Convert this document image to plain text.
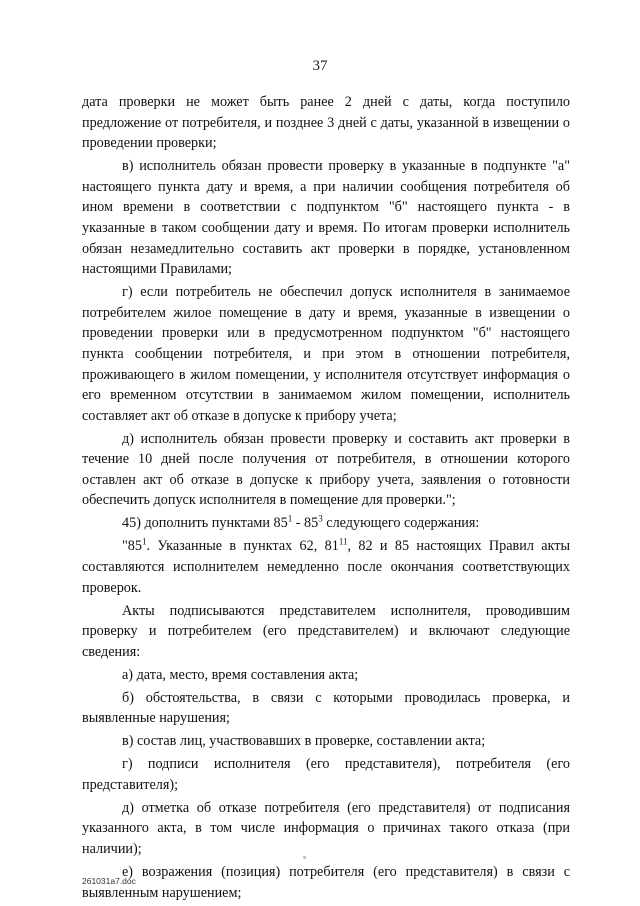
37

дата проверки не может быть ранее 2 дней с даты, когда поступило предложение от потребителя, и позднее 3 дней с даты, указанной в извещении о проведении проверки;

в) исполнитель обязан провести проверку в указанные в подпункте "а" настоящего пункта дату и время, а при наличии сообщения потребителя об ином времени в соответствии с подпунктом "б" настоящего пункта - в указанные в таком сообщении дату и время. По итогам проверки исполнитель обязан незамедлительно составить акт проверки в порядке, установленном настоящими Правилами;

г) если потребитель не обеспечил допуск исполнителя в занимаемое потребителем жилое помещение в дату и время, указанные в извещении о проведении проверки или в предусмотренном подпунктом "б" настоящего пункта сообщении потребителя, и при этом в отношении потребителя, проживающего в жилом помещении, у исполнителя отсутствует информация о его временном отсутствии в занимаемом жилом помещении, исполнитель составляет акт об отказе в допуске к прибору учета;

д) исполнитель обязан провести проверку и составить акт проверки в течение 10 дней после получения от потребителя, в отношении которого оставлен акт об отказе в допуске к прибору учета, заявления о готовности обеспечить допуск исполнителя в помещение для проверки.";

45) дополнить пунктами $85^1 - 85^3$ следующего содержания:

"$85^1$. Указанные в пунктах 62, $81^{11}$, 82 и 85 настоящих Правил акты составляются исполнителем немедленно после окончания соответствующих проверок.

Акты подписываются представителем исполнителя, проводившим проверку и потребителем (его представителем) и включают следующие сведения:

а) дата, место, время составления акта;

б) обстоятельства, в связи с которыми проводилась проверка, и выявленные нарушения;

в) состав лиц, участвовавших в проверке, составлении акта;

г) подписи исполнителя (его представителя), потребителя (его представителя);

д) отметка об отказе потребителя (его представителя) от подписания указанного акта, в том числе информация о причинах такого отказа (при наличии);

е) возражения (позиция) потребителя (его представителя) в связи с выявленным нарушением;

261031a7.doc
